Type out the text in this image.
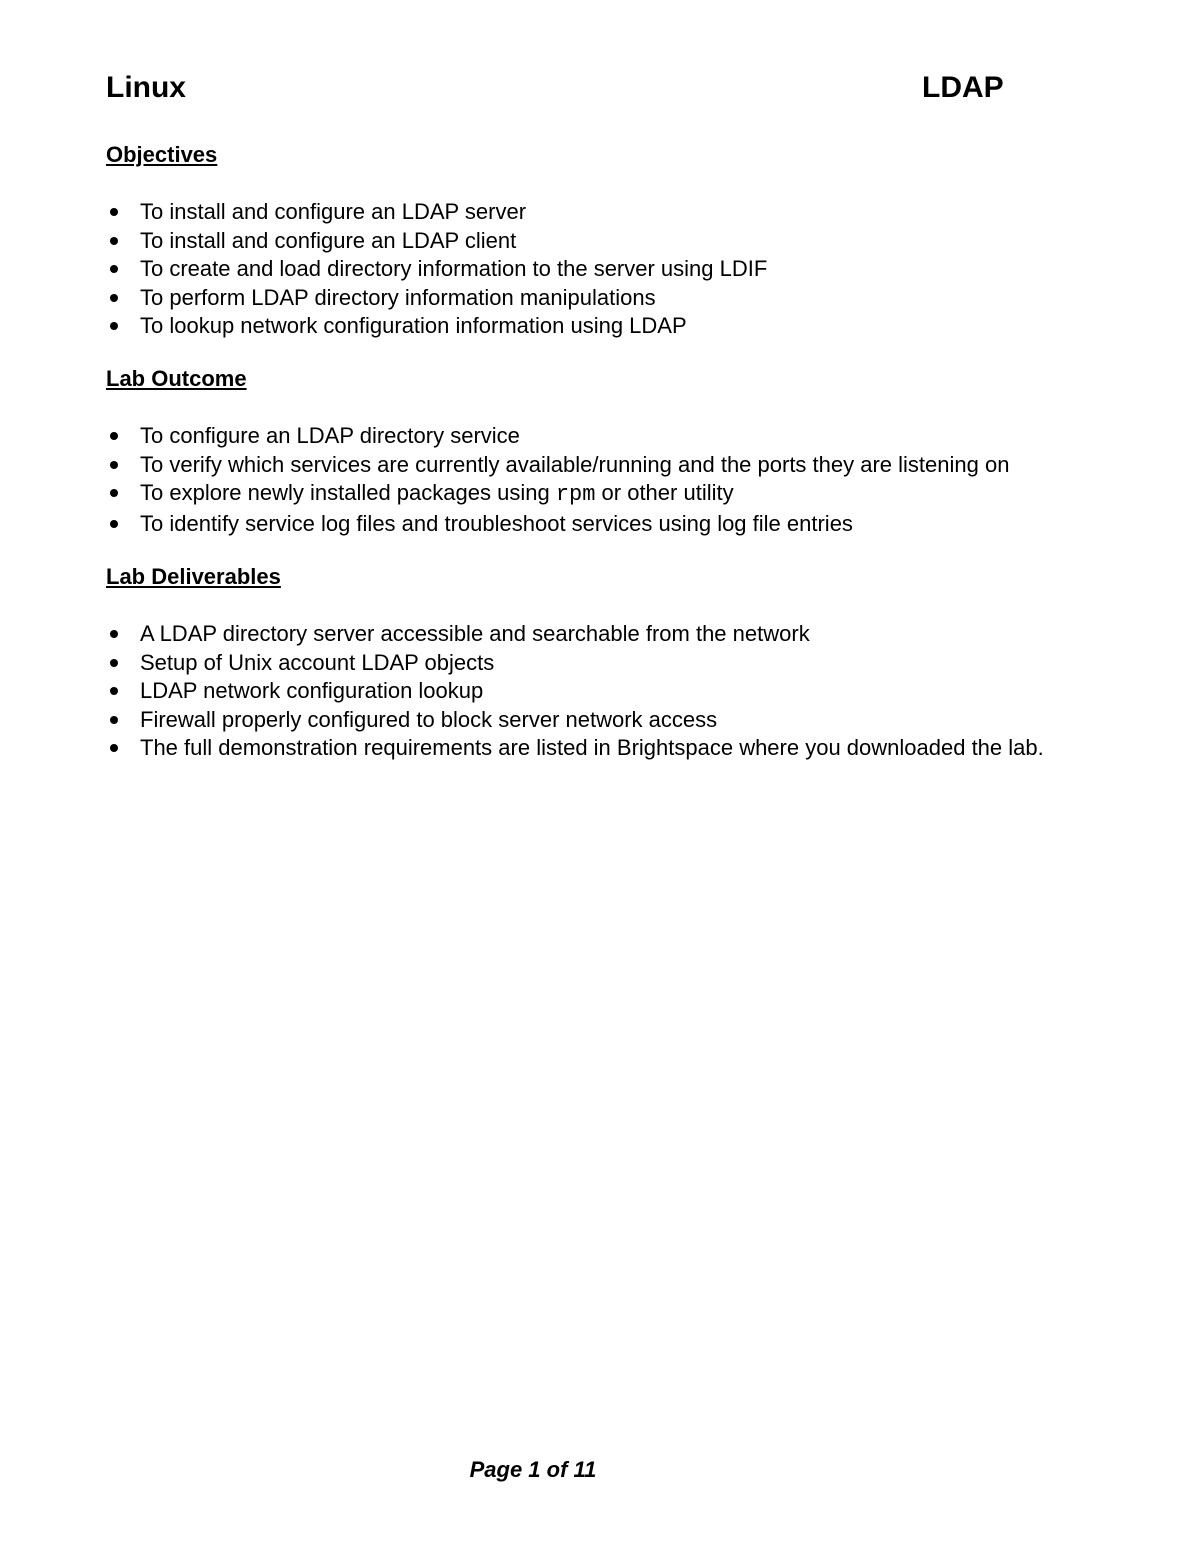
Linux	LDAP
Objectives
To install and configure an LDAP server
To install and configure an LDAP client
To create and load directory information to the server using LDIF
To perform LDAP directory information manipulations
To lookup network configuration information using LDAP
Lab Outcome
To configure an LDAP directory service
To verify which services are currently available/running and the ports they are listening on
To explore newly installed packages using rpm or other utility
To identify service log files and troubleshoot services using log file entries
Lab Deliverables
A LDAP directory server accessible and searchable from the network
Setup of Unix account LDAP objects
LDAP network configuration lookup
Firewall properly configured to block server network access
The full demonstration requirements are listed in Brightspace where you downloaded the lab.
Page 1 of 11
